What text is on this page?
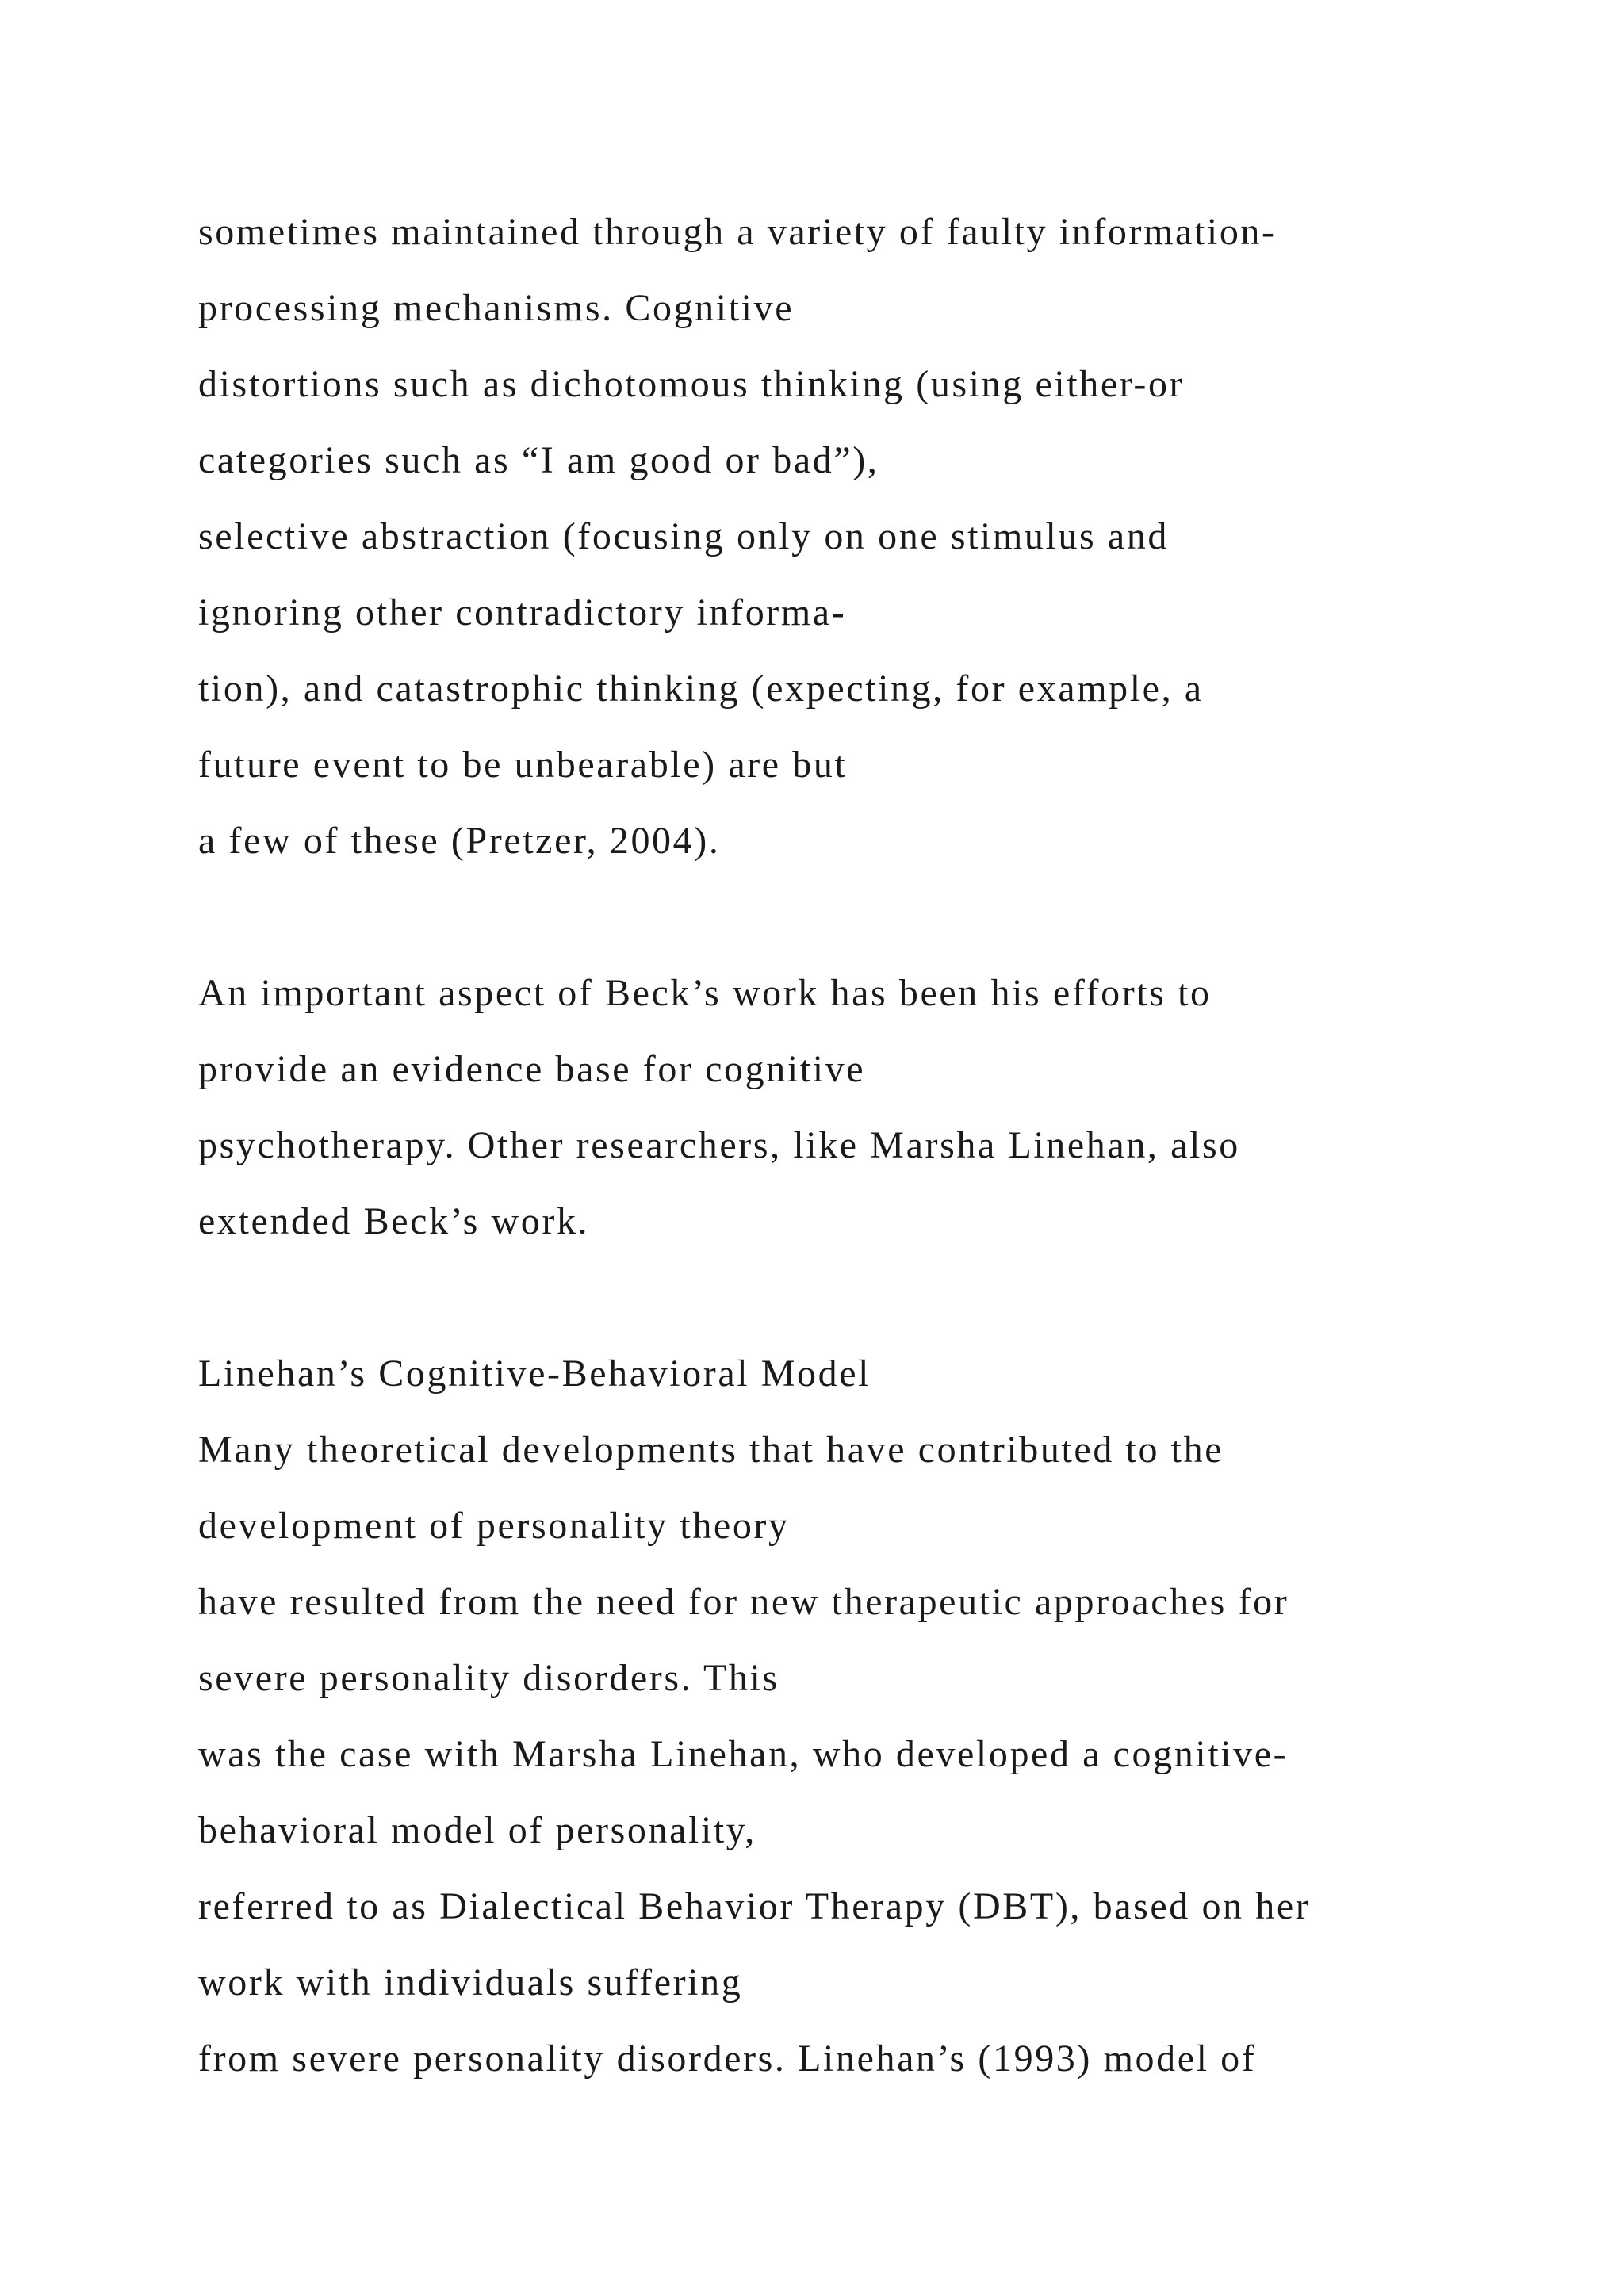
sometimes maintained through a variety of faulty information-
processing mechanisms. Cognitive
distortions such as dichotomous thinking (using either-or
categories such as “I am good or bad”),
selective abstraction (focusing only on one stimulus and
ignoring other contradictory informa-
tion), and catastrophic thinking (expecting, for example, a
future event to be unbearable) are but
a few of these (Pretzer, 2004).
An important aspect of Beck’s work has been his efforts to
provide an evidence base for cognitive
psychotherapy. Other researchers, like Marsha Linehan, also
extended Beck’s work.
Linehan’s Cognitive-Behavioral Model
Many theoretical developments that have contributed to the
development of personality theory
have resulted from the need for new therapeutic approaches for
severe personality disorders. This
was the case with Marsha Linehan, who developed a cognitive-
behavioral model of personality,
referred to as Dialectical Behavior Therapy (DBT), based on her
work with individuals suffering
from severe personality disorders. Linehan’s (1993) model of
